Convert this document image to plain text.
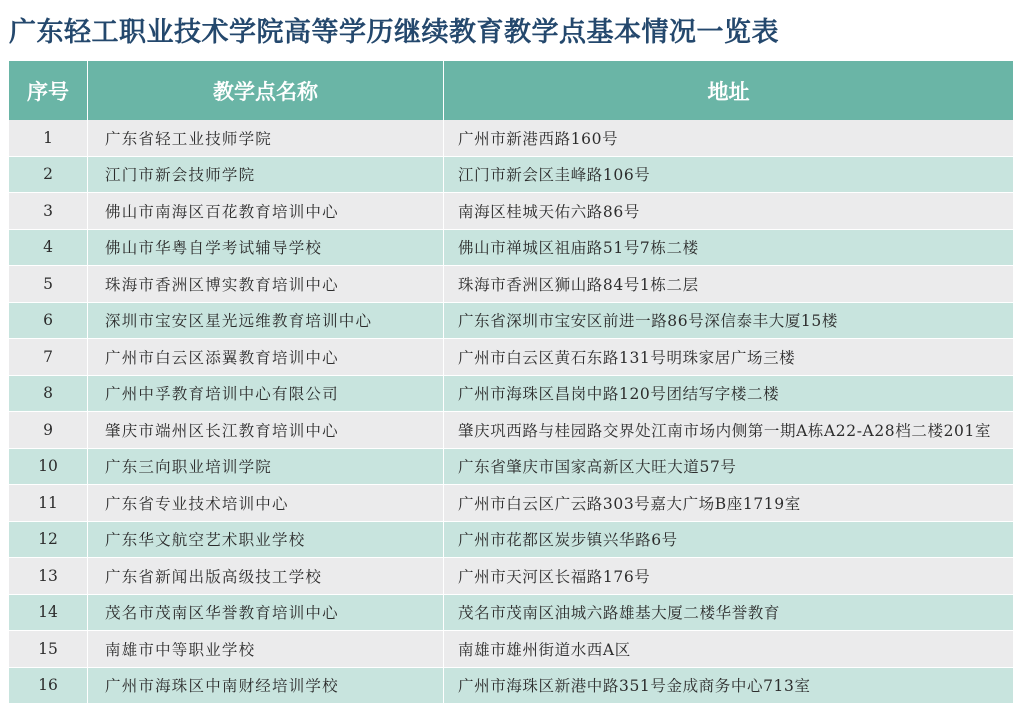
广东轻工职业技术学院高等学历继续教育教学点基本情况一览表
序号	教学点名称	地址
1	广东省轻工业技师学院	广州市新港西路160号
2	江门市新会技师学院	江门市新会区圭峰路106号
3	佛山市南海区百花教育培训中心	南海区桂城天佑六路86号
4	佛山市华粤自学考试辅导学校	佛山市禅城区祖庙路51号7栋二楼
5	珠海市香洲区博实教育培训中心	珠海市香洲区狮山路84号1栋二层
6	深圳市宝安区星光远维教育培训中心	广东省深圳市宝安区前进一路86号深信泰丰大厦15楼
7	广州市白云区添翼教育培训中心	广州市白云区黄石东路131号明珠家居广场三楼
8	广州中孚教育培训中心有限公司	广州市海珠区昌岗中路120号团结写字楼二楼
9	肇庆市端州区长江教育培训中心	肇庆巩西路与桂园路交界处江南市场内侧第一期A栋A22-A28档二楼201室
10	广东三向职业培训学院	广东省肇庆市国家高新区大旺大道57号
11	广东省专业技术培训中心	广州市白云区广云路303号嘉大广场B座1719室
12	广东华文航空艺术职业学校	广州市花都区炭步镇兴华路6号
13	广东省新闻出版高级技工学校	广州市天河区长福路176号
14	茂名市茂南区华誉教育培训中心	茂名市茂南区油城六路雄基大厦二楼华誉教育
15	南雄市中等职业学校	南雄市雄州街道水西A区
16	广州市海珠区中南财经培训学校	广州市海珠区新港中路351号金成商务中心713室
